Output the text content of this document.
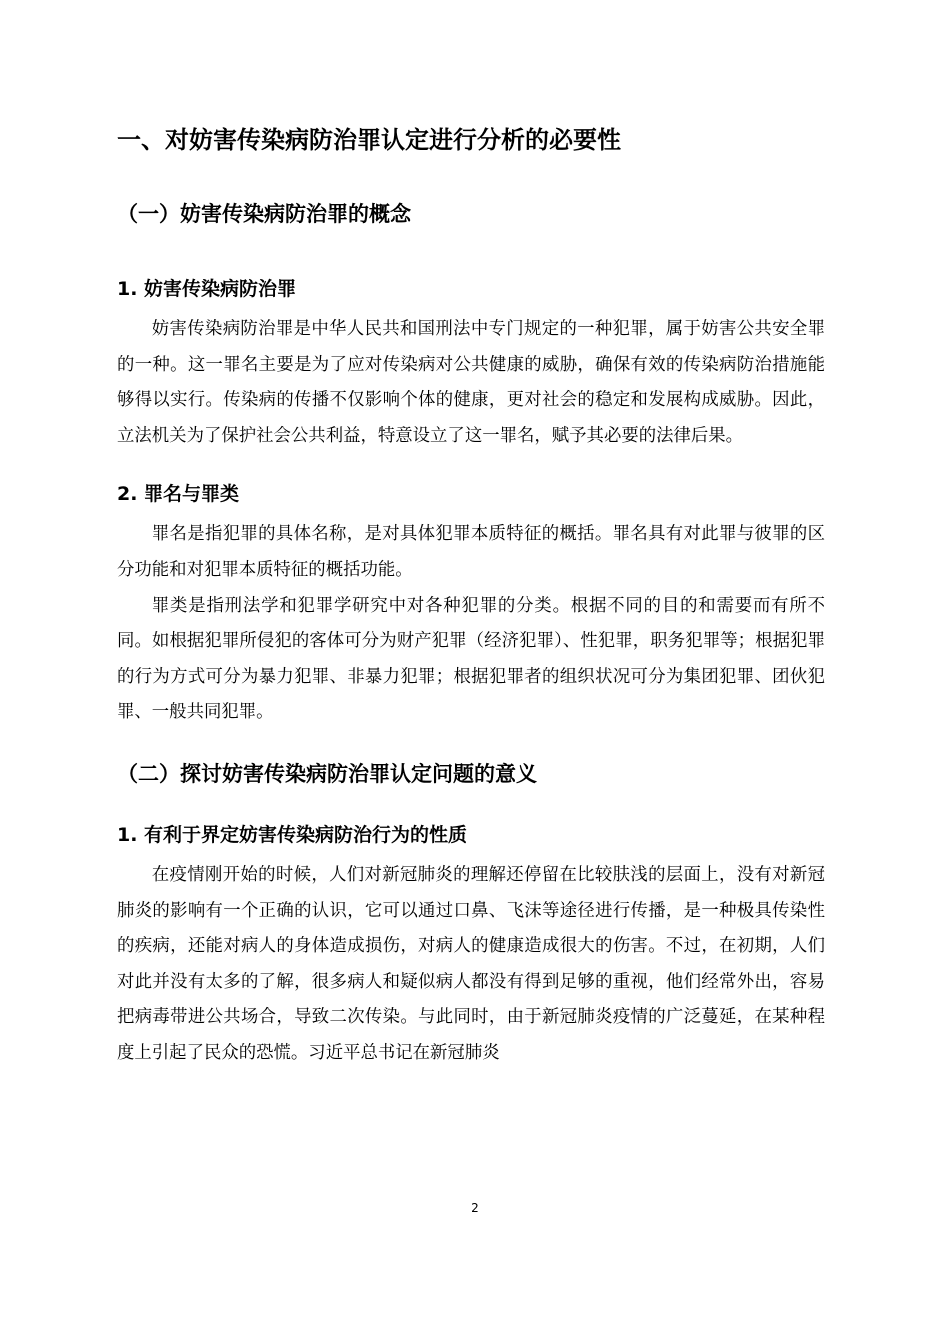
一、对妨害传染病防治罪认定进行分析的必要性
（一）妨害传染病防治罪的概念
1. 妨害传染病防治罪

妨害传染病防治罪是中华人民共和国刑法中专门规定的一种犯罪，属于妨害公共安全罪的一种。这一罪名主要是为了应对传染病对公共健康的威胁，确保有效的传染病防治措施能够得以实行。传染病的传播不仅影响个体的健康，更对社会的稳定和发展构成威胁。因此，立法机关为了保护社会公共利益，特意设立了这一罪名，赋予其必要的法律后果。

2. 罪名与罪类

罪名是指犯罪的具体名称，是对具体犯罪本质特征的概括。罪名具有对此罪与彼罪的区分功能和对犯罪本质特征的概括功能。

罪类是指刑法学和犯罪学研究中对各种犯罪的分类。根据不同的目的和需要而有所不同。如根据犯罪所侵犯的客体可分为财产犯罪（经济犯罪）、性犯罪，职务犯罪等；根据犯罪的行为方式可分为暴力犯罪、非暴力犯罪；根据犯罪者的组织状况可分为集团犯罪、团伙犯罪、一般共同犯罪。

（二）探讨妨害传染病防治罪认定问题的意义
1. 有利于界定妨害传染病防治行为的性质

在疫情刚开始的时候，人们对新冠肺炎的理解还停留在比较肤浅的层面上，没有对新冠肺炎的影响有一个正确的认识，它可以通过口鼻、飞沫等途径进行传播，是一种极具传染性的疾病，还能对病人的身体造成损伤，对病人的健康造成很大的伤害。不过，在初期，人们对此并没有太多的了解，很多病人和疑似病人都没有得到足够的重视，他们经常外出，容易把病毒带进公共场合，导致二次传染。与此同时，由于新冠肺炎疫情的广泛蔓延，在某种程度上引起了民众的恐慌。习近平总书记在新冠肺炎

2
